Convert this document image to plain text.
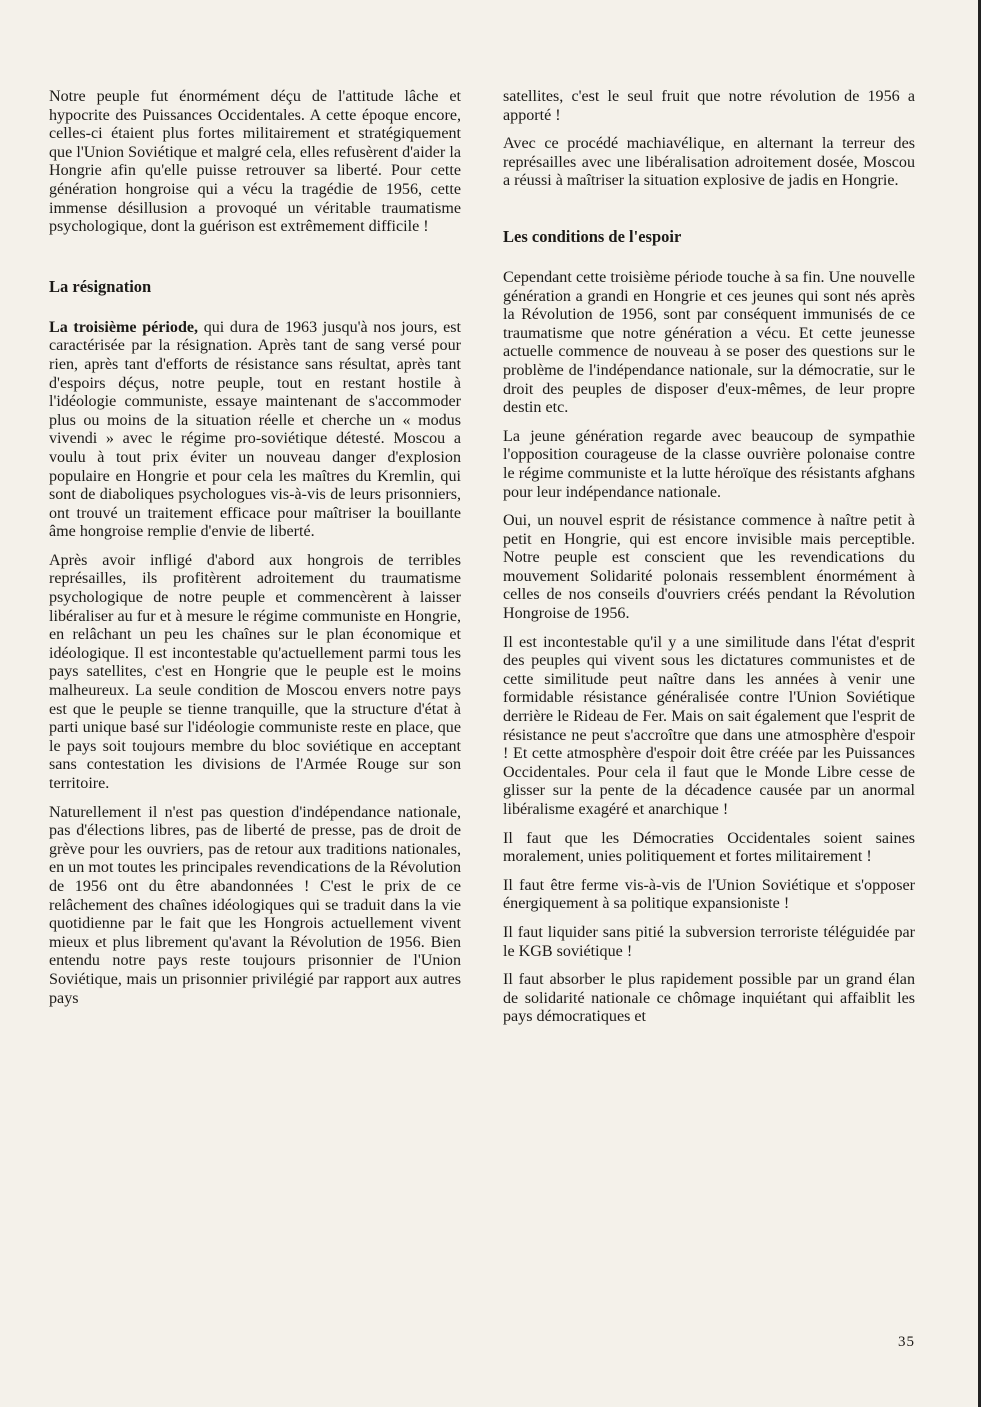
Notre peuple fut énormément déçu de l'attitude lâche et hypocrite des Puissances Occidentales. A cette époque encore, celles-ci étaient plus fortes militairement et stratégiquement que l'Union Soviétique et malgré cela, elles refusèrent d'aider la Hongrie afin qu'elle puisse retrouver sa liberté. Pour cette génération hongroise qui a vécu la tragédie de 1956, cette immense désillusion a provoqué un véritable traumatisme psychologique, dont la guérison est extrêmement difficile !

La résignation

La troisième période, qui dura de 1963 jusqu'à nos jours, est caractérisée par la résignation. Après tant de sang versé pour rien, après tant d'efforts de résistance sans résultat, après tant d'espoirs déçus, notre peuple, tout en restant hostile à l'idéologie communiste, essaye maintenant de s'accommoder plus ou moins de la situation réelle et cherche un « modus vivendi » avec le régime pro-soviétique détesté. Moscou a voulu à tout prix éviter un nouveau danger d'explosion populaire en Hongrie et pour cela les maîtres du Kremlin, qui sont de diaboliques psychologues vis-à-vis de leurs prisonniers, ont trouvé un traitement efficace pour maîtriser la bouillante âme hongroise remplie d'envie de liberté.

Après avoir infligé d'abord aux hongrois de terribles représailles, ils profitèrent adroitement du traumatisme psychologique de notre peuple et commencèrent à laisser libéraliser au fur et à mesure le régime communiste en Hongrie, en relâchant un peu les chaînes sur le plan économique et idéologique. Il est incontestable qu'actuellement parmi tous les pays satellites, c'est en Hongrie que le peuple est le moins malheureux. La seule condition de Moscou envers notre pays est que le peuple se tienne tranquille, que la structure d'état à parti unique basé sur l'idéologie communiste reste en place, que le pays soit toujours membre du bloc soviétique en acceptant sans contestation les divisions de l'Armée Rouge sur son territoire.

Naturellement il n'est pas question d'indépendance nationale, pas d'élections libres, pas de liberté de presse, pas de droit de grève pour les ouvriers, pas de retour aux traditions nationales, en un mot toutes les principales revendications de la Révolution de 1956 ont du être abandonnées ! C'est le prix de ce relâchement des chaînes idéologiques qui se traduit dans la vie quotidienne par le fait que les Hongrois actuellement vivent mieux et plus librement qu'avant la Révolution de 1956. Bien entendu notre pays reste toujours prisonnier de l'Union Soviétique, mais un prisonnier privilégié par rapport aux autres pays

satellites, c'est le seul fruit que notre révolution de 1956 a apporté !

Avec ce procédé machiavélique, en alternant la terreur des représailles avec une libéralisation adroitement dosée, Moscou a réussi à maîtriser la situation explosive de jadis en Hongrie.

Les conditions de l'espoir

Cependant cette troisième période touche à sa fin. Une nouvelle génération a grandi en Hongrie et ces jeunes qui sont nés après la Révolution de 1956, sont par conséquent immunisés de ce traumatisme que notre génération a vécu. Et cette jeunesse actuelle commence de nouveau à se poser des questions sur le problème de l'indépendance nationale, sur la démocratie, sur le droit des peuples de disposer d'eux-mêmes, de leur propre destin etc.

La jeune génération regarde avec beaucoup de sympathie l'opposition courageuse de la classe ouvrière polonaise contre le régime communiste et la lutte héroïque des résistants afghans pour leur indépendance nationale.

Oui, un nouvel esprit de résistance commence à naître petit à petit en Hongrie, qui est encore invisible mais perceptible. Notre peuple est conscient que les revendications du mouvement Solidarité polonais ressemblent énormément à celles de nos conseils d'ouvriers créés pendant la Révolution Hongroise de 1956.

Il est incontestable qu'il y a une similitude dans l'état d'esprit des peuples qui vivent sous les dictatures communistes et de cette similitude peut naître dans les années à venir une formidable résistance généralisée contre l'Union Soviétique derrière le Rideau de Fer. Mais on sait également que l'esprit de résistance ne peut s'accroître que dans une atmosphère d'espoir ! Et cette atmosphère d'espoir doit être créée par les Puissances Occidentales. Pour cela il faut que le Monde Libre cesse de glisser sur la pente de la décadence causée par un anormal libéralisme exagéré et anarchique !

Il faut que les Démocraties Occidentales soient saines moralement, unies politiquement et fortes militairement !

Il faut être ferme vis-à-vis de l'Union Soviétique et s'opposer énergiquement à sa politique expansioniste !

Il faut liquider sans pitié la subversion terroriste téléguidée par le KGB soviétique !

Il faut absorber le plus rapidement possible par un grand élan de solidarité nationale ce chômage inquiétant qui affaiblit les pays démocratiques et

35
